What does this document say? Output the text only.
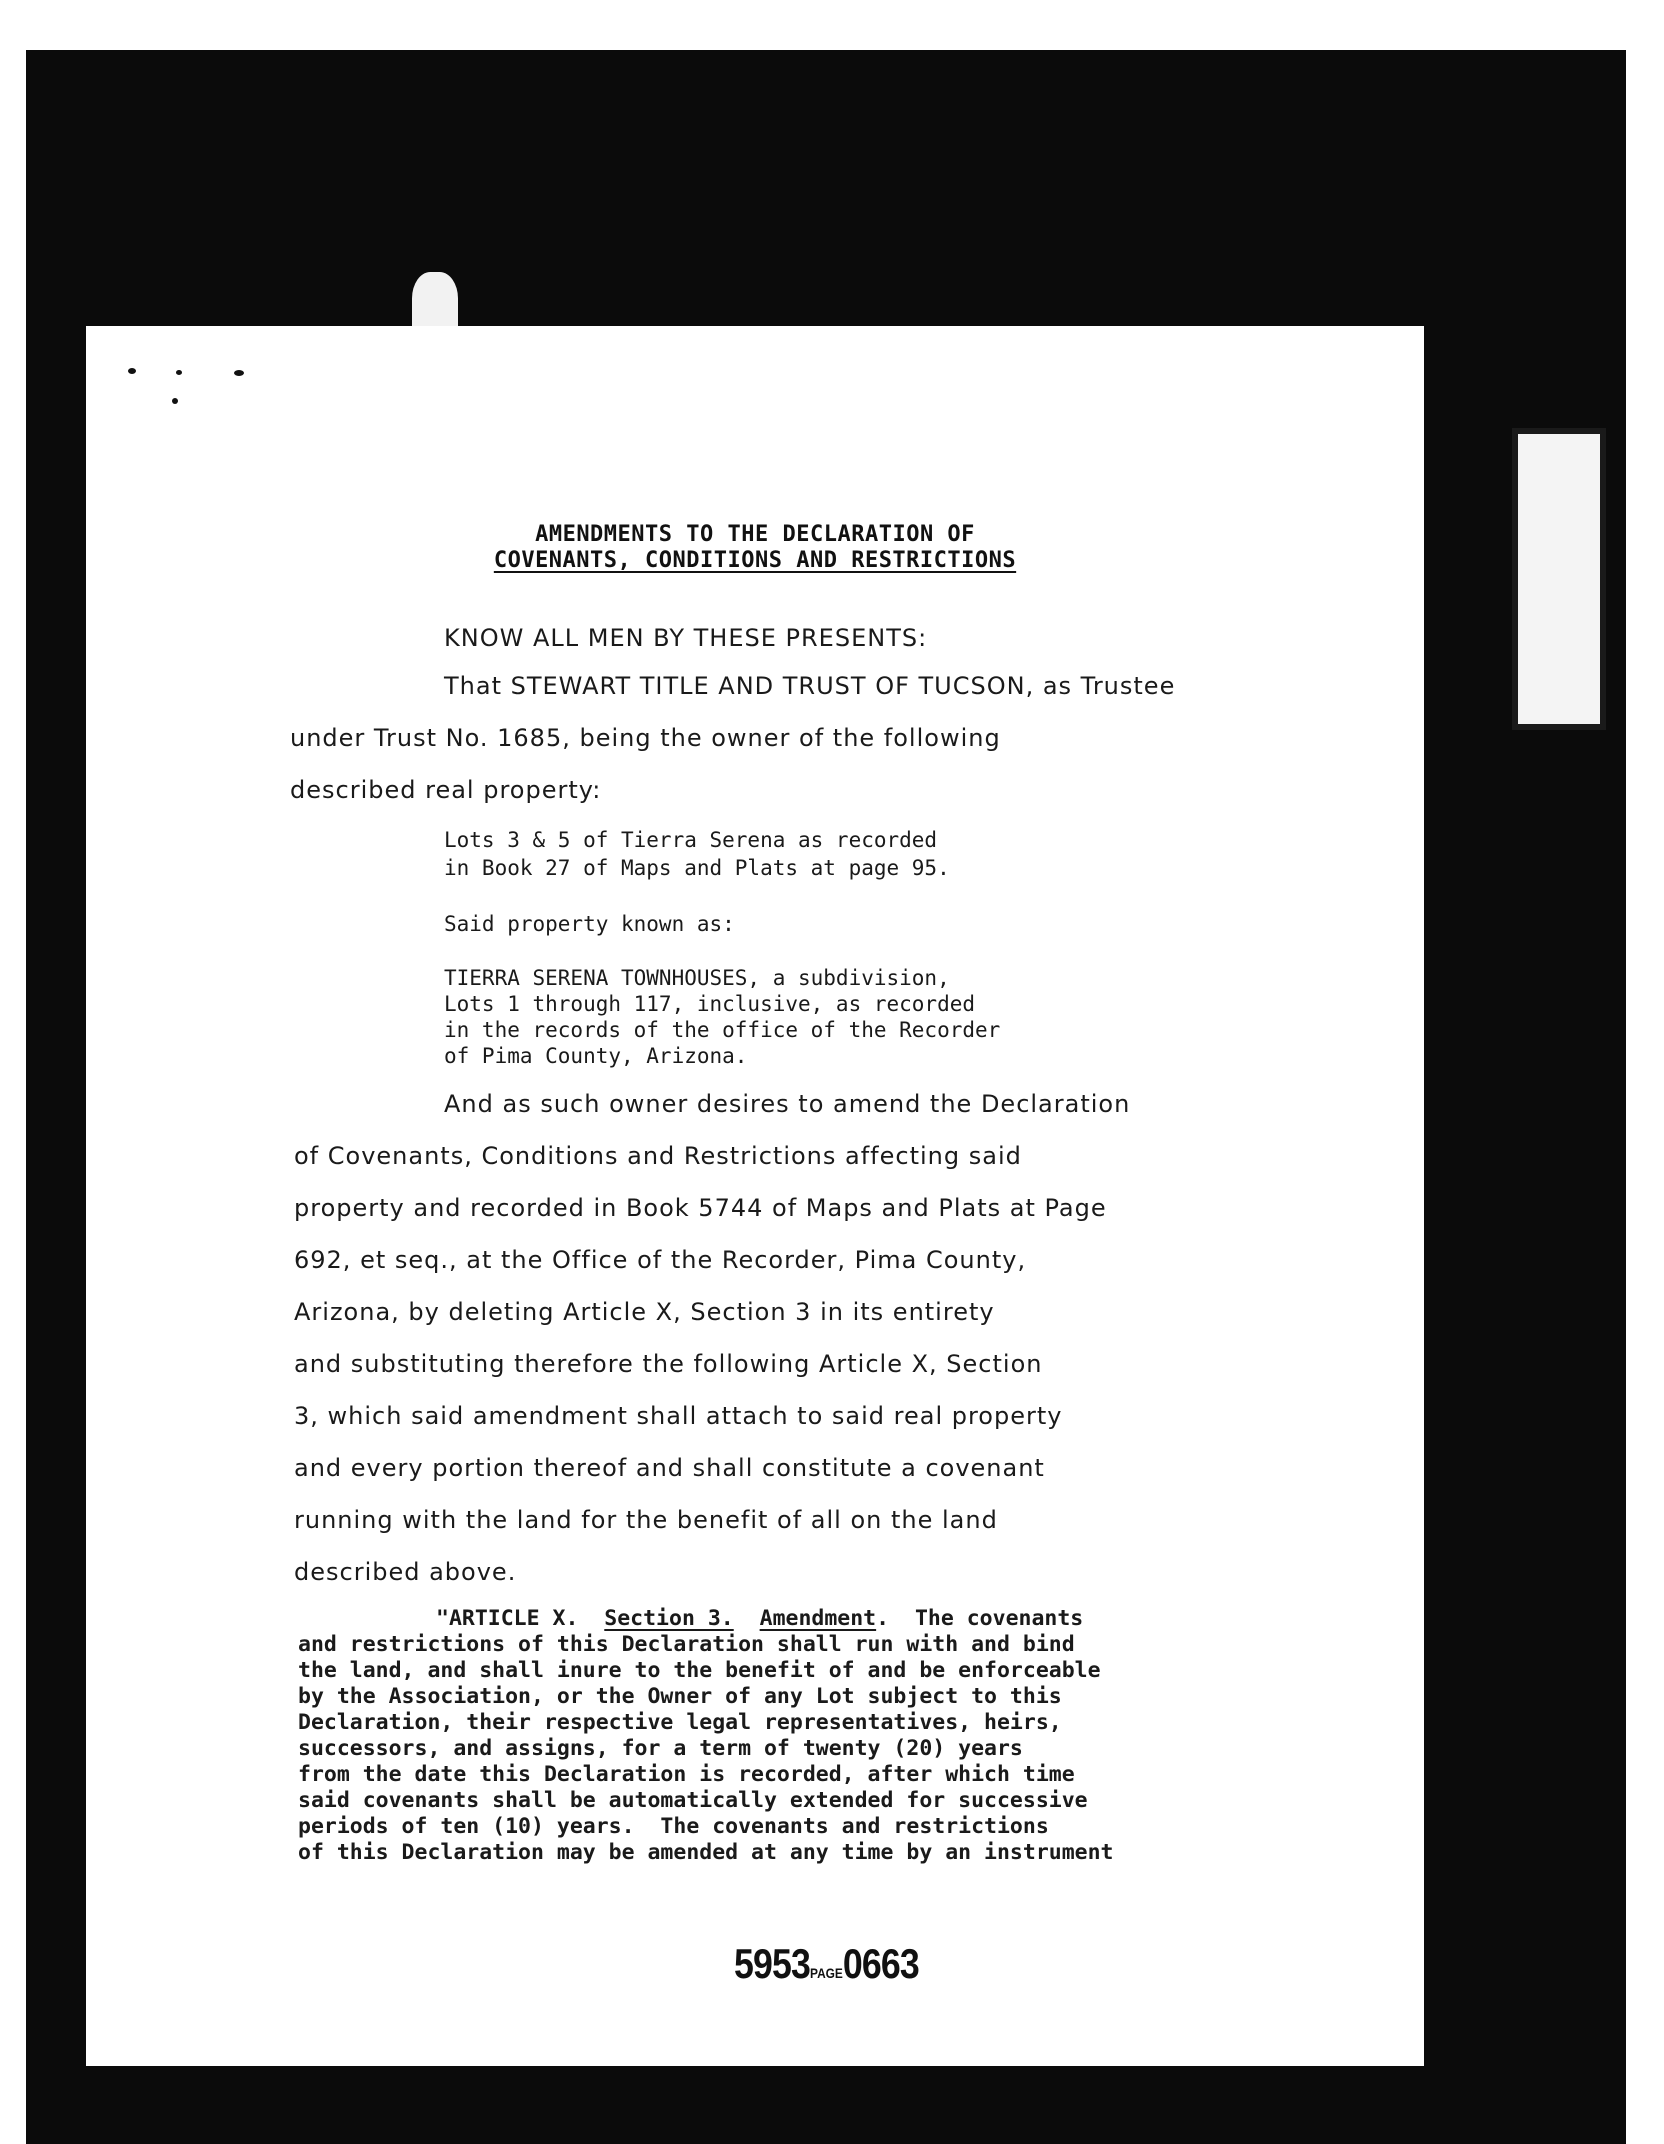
AMENDMENTS TO THE DECLARATION OF
COVENANTS, CONDITIONS AND RESTRICTIONS
KNOW ALL MEN BY THESE PRESENTS:
That STEWART TITLE AND TRUST OF TUCSON, as Trustee
under Trust No. 1685, being the owner of the following
described real property:
Lots 3 & 5 of Tierra Serena as recorded
in Book 27 of Maps and Plats at page 95.
Said property known as:
TIERRA SERENA TOWNHOUSES, a subdivision,
Lots 1 through 117, inclusive, as recorded
in the records of the office of the Recorder
of Pima County, Arizona.
And as such owner desires to amend the Declaration
of Covenants, Conditions and Restrictions affecting said
property and recorded in Book 5744 of Maps and Plats at Page
692, et seq., at the Office of the Recorder, Pima County,
Arizona, by deleting Article X, Section 3 in its entirety
and substituting therefore the following Article X, Section
3, which said amendment shall attach to said real property
and every portion thereof and shall constitute a covenant
running with the land for the benefit of all on the land
described above.
"ARTICLE X. Section 3. Amendment.  The covenants
and restrictions of this Declaration shall run with and bind
the land, and shall inure to the benefit of and be enforceable
by the Association, or the Owner of any Lot subject to this
Declaration, their respective legal representatives, heirs,
successors, and assigns, for a term of twenty (20) years
from the date this Declaration is recorded, after which time
said covenants shall be automatically extended for successive
periods of ten (10) years.  The covenants and restrictions
of this Declaration may be amended at any time by an instrument
5953PAGE0663
